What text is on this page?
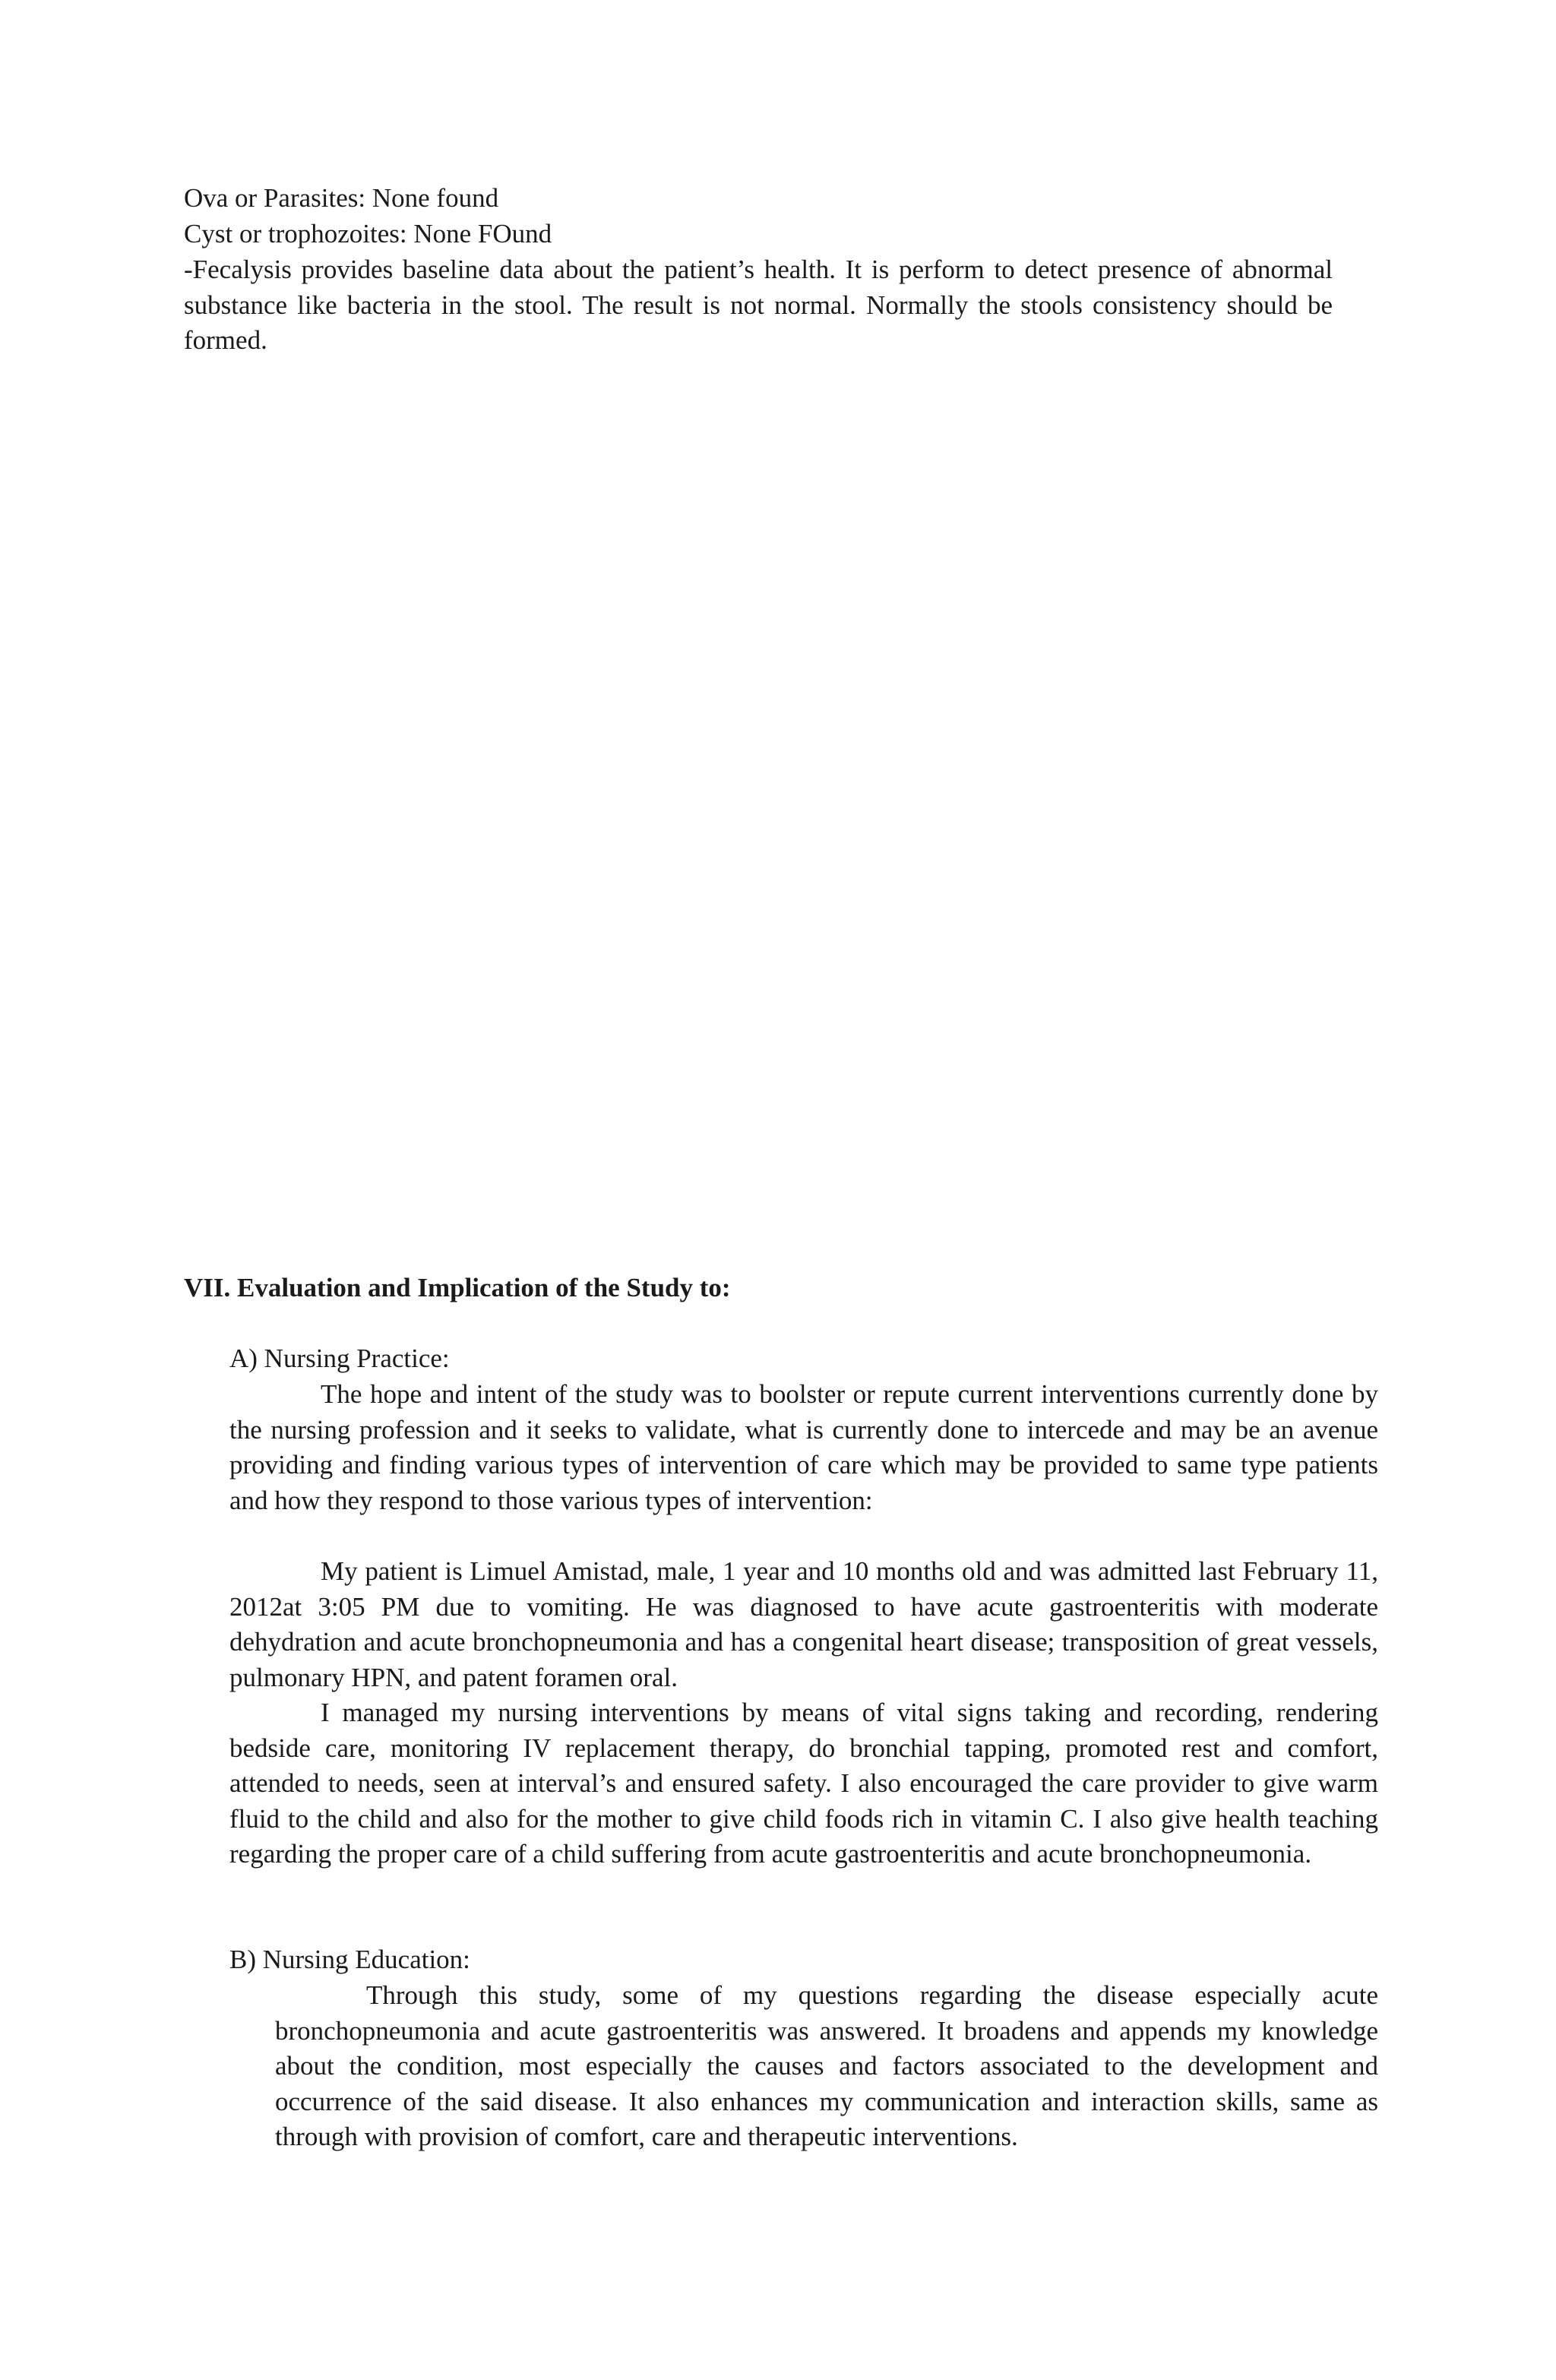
Ova or Parasites: None found
Cyst or trophozoites: None FOund
-Fecalysis provides baseline data about the patient’s health. It is perform to detect presence of abnormal substance like bacteria in the stool. The result is not normal. Normally the stools consistency should be formed.
VII. Evaluation and Implication of the Study to:
A) Nursing Practice:
The hope and intent of the study was to boolster or repute current interventions currently done by the nursing profession and it seeks to validate, what is currently done to intercede and may be an avenue providing and finding various types of intervention of care which may be provided to same type patients and how they respond to those various types of intervention:
My patient is Limuel Amistad, male, 1 year and 10 months old and was admitted last February 11, 2012at 3:05 PM due to vomiting. He was diagnosed to have acute gastroenteritis with moderate dehydration and acute bronchopneumonia and has a congenital heart disease; transposition of great vessels, pulmonary HPN, and patent foramen oral.
I managed my nursing interventions by means of vital signs taking and recording, rendering bedside care, monitoring IV replacement therapy, do bronchial tapping, promoted rest and comfort, attended to needs, seen at interval’s and ensured safety. I also encouraged the care provider to give warm fluid to the child and also for the mother to give child foods rich in vitamin C. I also give health teaching regarding the proper care of a child suffering from acute gastroenteritis and acute bronchopneumonia.
B) Nursing Education:
Through this study, some of my questions regarding the disease especially acute bronchopneumonia and acute gastroenteritis was answered. It broadens and appends my knowledge about the condition, most especially the causes and factors associated to the development and occurrence of the said disease. It also enhances my communication and interaction skills, same as through with provision of comfort, care and therapeutic interventions.
